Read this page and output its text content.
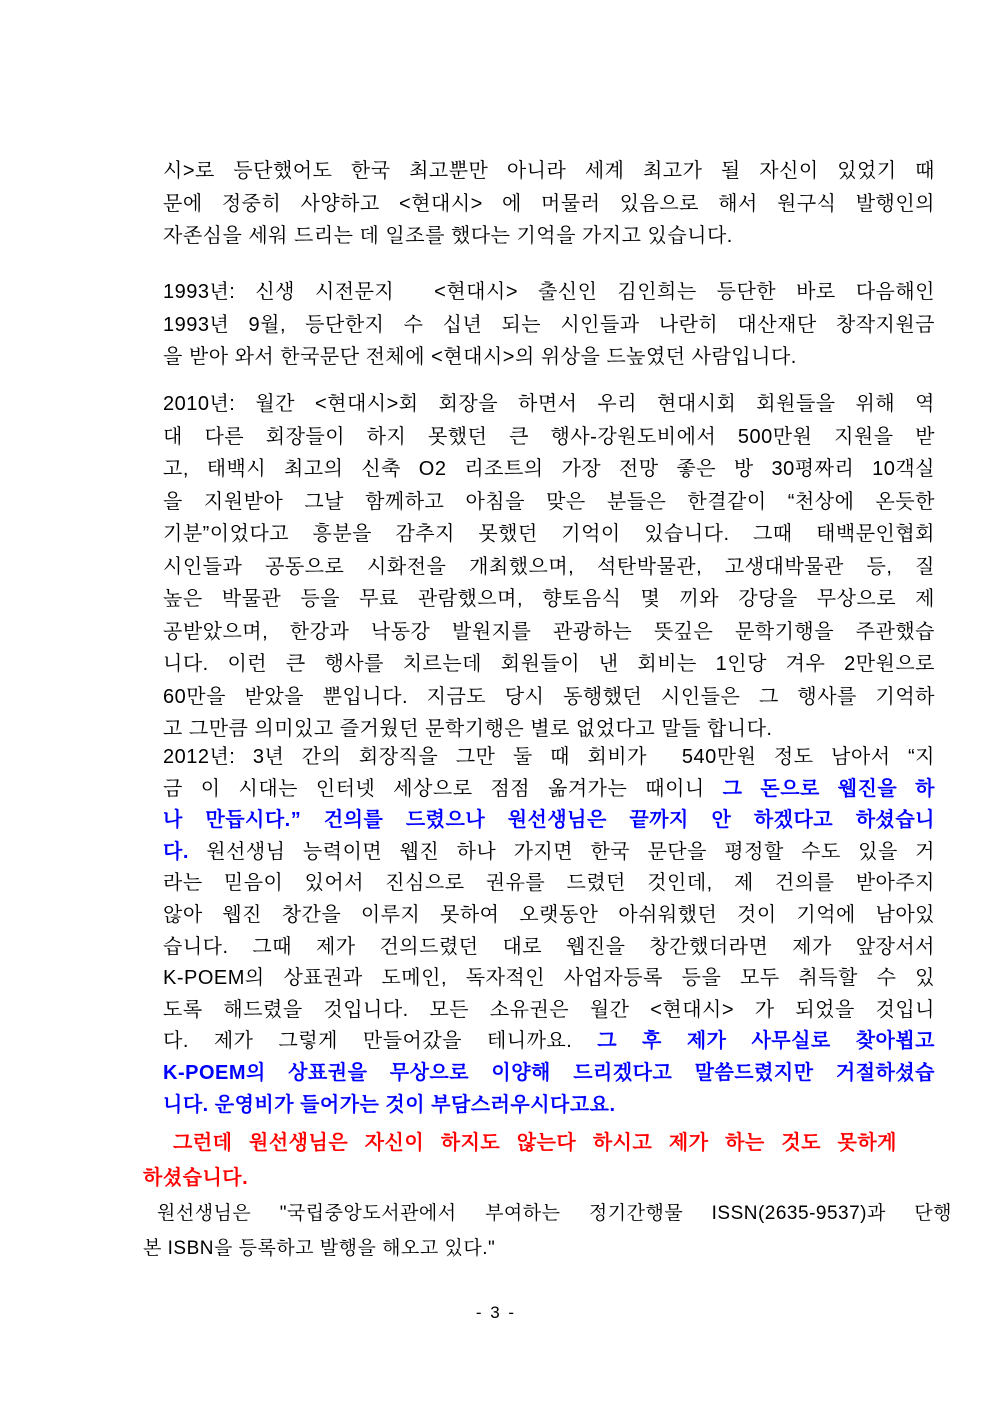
시>로 등단했어도 한국 최고뿐만 아니라 세계 최고가 될 자신이 있었기 때
문에 정중히 사양하고 <현대시> 에 머물러 있음으로 해서 원구식 발행인의
자존심을 세워 드리는 데 일조를 했다는 기억을 가지고 있습니다.
1993년: 신생 시전문지  <현대시> 출신인 김인희는 등단한 바로 다음해인
1993년 9월, 등단한지 수 십년 되는 시인들과 나란히 대산재단 창작지원금
을 받아 와서 한국문단 전체에 <현대시>의 위상을 드높였던 사람입니다.
2010년: 월간 <현대시>회 회장을 하면서 우리 현대시회 회원들을 위해 역
대 다른 회장들이 하지 못했던 큰 행사-강원도비에서 500만원 지원을 받
고, 태백시 최고의 신축 O2 리조트의 가장 전망 좋은 방 30평짜리 10객실
을 지원받아 그날 함께하고 아침을 맞은 분들은 한결같이 “천상에 온듯한
기분”이었다고 흥분을 감추지 못했던 기억이 있습니다. 그때 태백문인협회
시인들과 공동으로 시화전을 개최했으며, 석탄박물관, 고생대박물관 등, 질
높은 박물관 등을 무료 관람했으며, 향토음식 몇 끼와 강당을 무상으로 제
공받았으며, 한강과 낙동강 발원지를 관광하는 뜻깊은 문학기행을 주관했습
니다. 이런 큰 행사를 치르는데 회원들이 낸 회비는 1인당 겨우 2만원으로
60만을 받았을 뿐입니다. 지금도 당시 동행했던 시인들은 그 행사를 기억하
고 그만큼 의미있고 즐거웠던 문학기행은 별로 없었다고 말들 합니다.
2012년: 3년 간의 회장직을 그만 둘 때 회비가  540만원 정도 남아서 “지
금 이 시대는 인터넷 세상으로 점점 옮겨가는 때이니 그 돈으로 웹진을 하
나 만듭시다.” 건의를 드렸으나 원선생님은 끝까지 안 하겠다고 하셨습니
다. 원선생님 능력이면 웹진 하나 가지면 한국 문단을 평정할 수도 있을 거
라는 믿음이 있어서 진심으로 권유를 드렸던 것인데, 제 건의를 받아주지
않아 웹진 창간을 이루지 못하여 오랫동안 아쉬워했던 것이 기억에 남아있
습니다. 그때 제가 건의드렸던 대로 웹진을 창간했더라면 제가 앞장서서
K-POEM의 상표권과 도메인, 독자적인 사업자등록 등을 모두 취득할 수 있
도록 해드렸을 것입니다. 모든 소유권은 월간 <현대시> 가 되었을 것입니
다. 제가 그렇게 만들어갔을 테니까요. 그 후 제가 사무실로 찾아뵙고
K-POEM의 상표권을 무상으로 이양해 드리겠다고 말씀드렸지만 거절하셨습
니다. 운영비가 들어가는 것이 부담스러우시다고요.
그런데 원선생님은 자신이 하지도 않는다 하시고 제가 하는 것도 못하게
하셨습니다.
원선생님은 "국립중앙도서관에서 부여하는 정기간행물 ISSN(2635-9537)과 단행
본 ISBN을 등록하고 발행을 해오고 있다."
- 3 -
